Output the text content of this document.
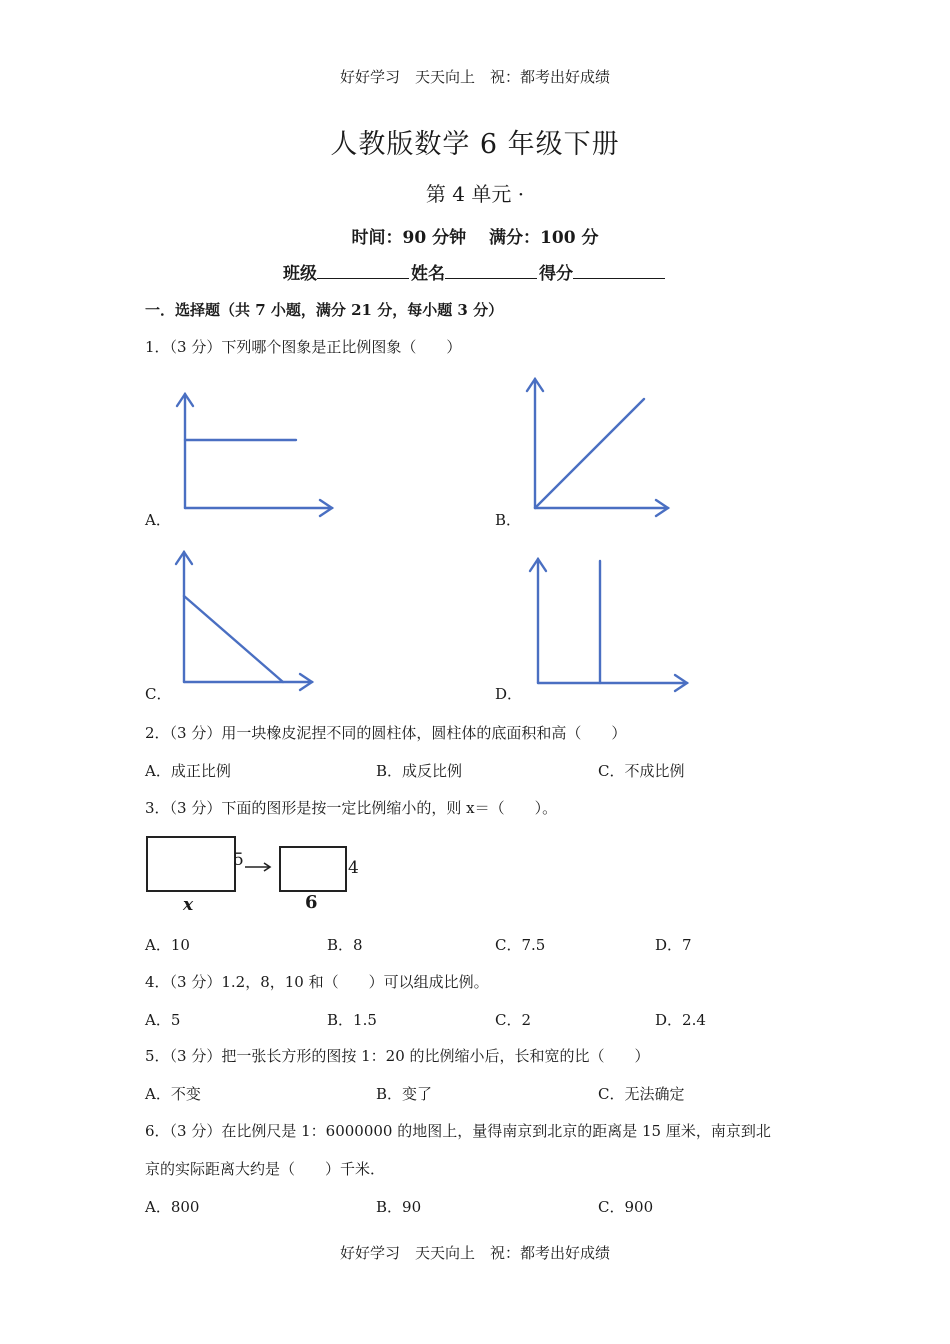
好好学习　天天向上　祝：都考出好成绩
人教版数学 6 年级下册
第 4 单元 ·
时间：90 分钟　 满分：100 分
班级	姓名	得分
一．选择题（共 7 小题，满分 21 分，每小题 3 分）
1．（3 分）下列哪个图象是正比例图象（　　）
A．	B．
C．	D．
2．（3 分）用一块橡皮泥捏不同的圆柱体，圆柱体的底面积和高（　　）
A．成正比例	B．成反比例	C．不成比例
3．（3 分）下面的图形是按一定比例缩小的，则 x＝（　　）。
5	4
x	6
A．10	B．8	C．7.5	D．7
4．（3 分）1.2，8，10 和（　　）可以组成比例。
A．5	B．1.5	C．2	D．2.4
5．（3 分）把一张长方形的图按 1：20 的比例缩小后，长和宽的比（　　）
A．不变	B．变了	C．无法确定
6．（3 分）在比例尺是 1：6000000 的地图上，量得南京到北京的距离是 15 厘米，南京到北
京的实际距离大约是（　　）千米．
A．800	B．90	C．900
好好学习　天天向上　祝：都考出好成绩
